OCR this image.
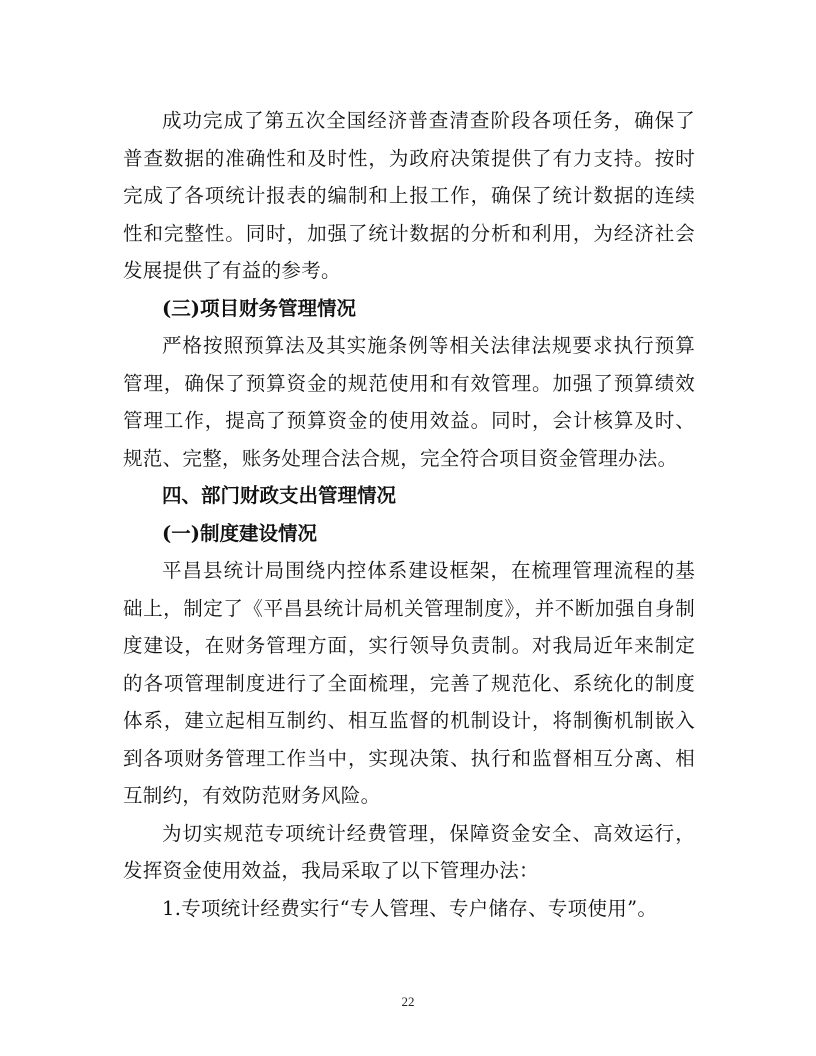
成功完成了第五次全国经济普查清查阶段各项任务，确保了普查数据的准确性和及时性，为政府决策提供了有力支持。按时完成了各项统计报表的编制和上报工作，确保了统计数据的连续性和完整性。同时，加强了统计数据的分析和利用，为经济社会发展提供了有益的参考。

(三)项目财务管理情况

严格按照预算法及其实施条例等相关法律法规要求执行预算管理，确保了预算资金的规范使用和有效管理。加强了预算绩效管理工作，提高了预算资金的使用效益。同时，会计核算及时、规范、完整，账务处理合法合规，完全符合项目资金管理办法。

四、部门财政支出管理情况

(一)制度建设情况

平昌县统计局围绕内控体系建设框架，在梳理管理流程的基础上，制定了《平昌县统计局机关管理制度》，并不断加强自身制度建设，在财务管理方面，实行领导负责制。对我局近年来制定的各项管理制度进行了全面梳理，完善了规范化、系统化的制度体系，建立起相互制约、相互监督的机制设计，将制衡机制嵌入到各项财务管理工作当中，实现决策、执行和监督相互分离、相互制约，有效防范财务风险。

为切实规范专项统计经费管理，保障资金安全、高效运行，发挥资金使用效益，我局采取了以下管理办法：

1.专项统计经费实行“专人管理、专户储存、专项使用”。

22
